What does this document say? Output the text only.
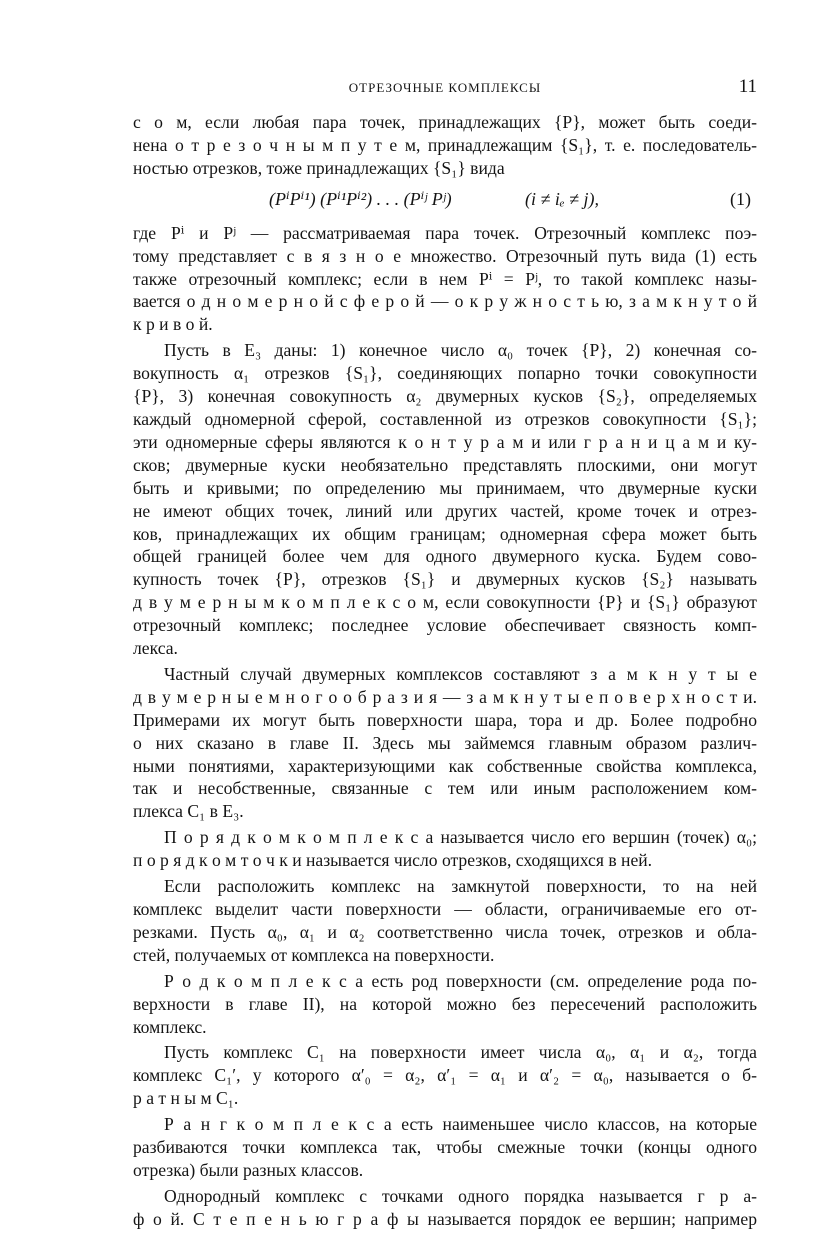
ОТРЕЗОЧНЫЕ КОМПЛЕКСЫ	11
с о м, если любая пара точек, принадлежащих {P}, может быть соеди-
нена о т р е з о ч н ы м п у т е м, принадлежащим {S₁}, т. е. последователь-
ностью отрезков, тоже принадлежащих {S₁} вида
(PⁱPⁱ¹) (Pⁱ¹Pⁱ²) . . . (Pⁱʲ Pʲ)	(i ≠ iₑ ≠ j),	(1)
где Pⁱ и Pʲ — рассматриваемая пара точек. Отрезочный комплекс поэ-
тому представляет с в я з н о е множество. Отрезочный путь вида (1) есть
также отрезочный комплекс; если в нем Pⁱ = Pʲ, то такой комплекс назы-
вается о д н о м е р н о й с ф е р о й — о к р у ж н о с т ь ю, з а м к н у т о й
к р и в о й.
Пусть в E₃ даны: 1) конечное число α₀ точек {P}, 2) конечная со-
вокупность α₁ отрезков {S₁}, соединяющих попарно точки совокупности
{P}, 3) конечная совокупность α₂ двумерных кусков {S₂}, определяемых
каждый одномерной сферой, составленной из отрезков совокупности {S₁};
эти одномерные сферы являются к о н т у р а м и или г р а н и ц а м и ку-
сков; двумерные куски необязательно представлять плоскими, они могут
быть и кривыми; по определению мы принимаем, что двумерные куски
не имеют общих точек, линий или других частей, кроме точек и отрез-
ков, принадлежащих их общим границам; одномерная сфера может быть
общей границей более чем для одного двумерного куска. Будем сово-
купность точек {P}, отрезков {S₁} и двумерных кусков {S₂} называть
д в у м е р н ы м к о м п л е к с о м, если совокупности {P} и {S₁} образуют
отрезочный комплекс; последнее условие обеспечивает связность комп-
лекса.
Частный случай двумерных комплексов составляют з а м к н у т ы е
д в у м е р н ы е м н о г о о б р а з и я — з а м к н у т ы е п о в е р х н о с т и.
Примерами их могут быть поверхности шара, тора и др. Более подробно
о них сказано в главе II. Здесь мы займемся главным образом различ-
ными понятиями, характеризующими как собственные свойства комплекса,
так и несобственные, связанные с тем или иным расположением ком-
плекса C₁ в E₃.
П о р я д к о м к о м п л е к с а называется число его вершин (точек) α₀;
п о р я д к о м т о ч к и называется число отрезков, сходящихся в ней.
Если расположить комплекс на замкнутой поверхности, то на ней
комплекс выделит части поверхности — области, ограничиваемые его от-
резками. Пусть α₀, α₁ и α₂ соответственно числа точек, отрезков и обла-
стей, получаемых от комплекса на поверхности.
Р о д к о м п л е к с а есть род поверхности (см. определение рода по-
верхности в главе II), на которой можно без пересечений расположить
комплекс.
Пусть комплекс C₁ на поверхности имеет числа α₀, α₁ и α₂, тогда
комплекс C₁′, у которого α′₀ = α₂, α′₁ = α₁ и α′₂ = α₀, называется о б-
р а т н ы м C₁.
Р а н г к о м п л е к с а есть наименьшее число классов, на которые
разбиваются точки комплекса так, чтобы смежные точки (концы одного
отрезка) были разных классов.
Однородный комплекс с точками одного порядка называется г р а-
ф о й. С т е п е н ь ю г р а ф ы называется порядок ее вершин; например
